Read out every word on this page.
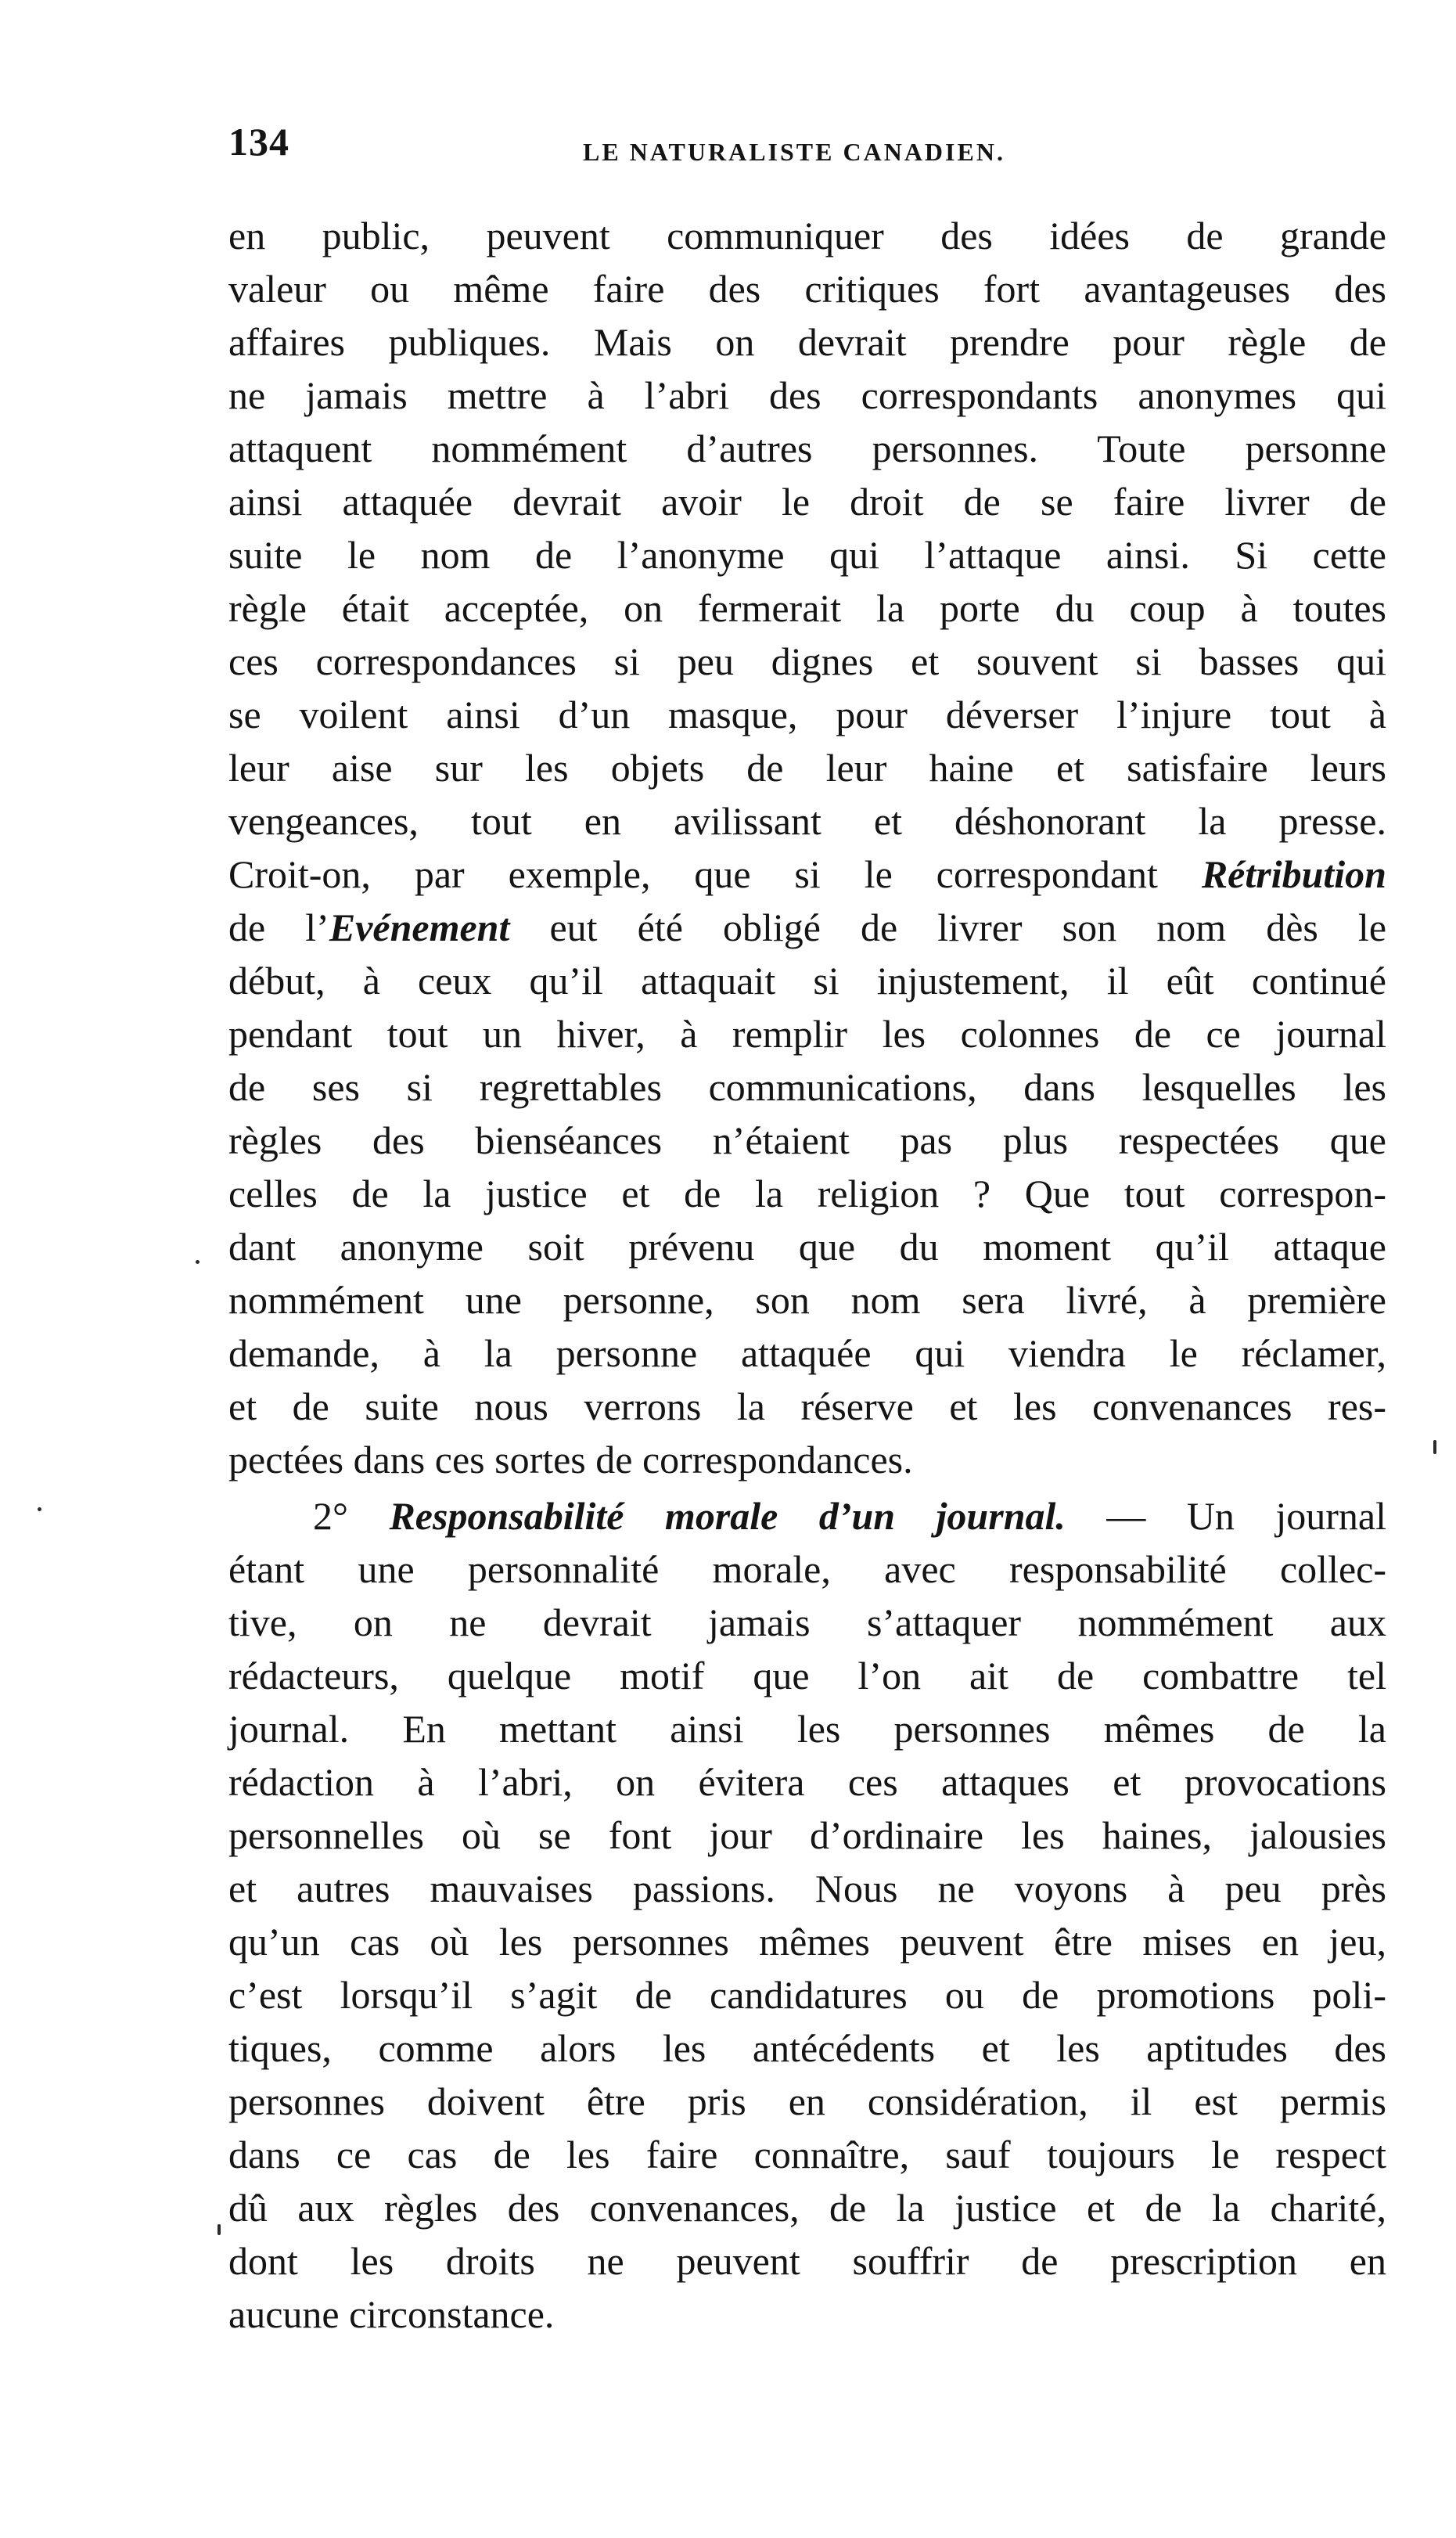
134	LE NATURALISTE CANADIEN.
en public, peuvent communiquer des idées de grande
valeur ou même faire des critiques fort avantageuses des
affaires publiques. Mais on devrait prendre pour règle de
ne jamais mettre à l’abri des correspondants anonymes qui
attaquent nommément d’autres personnes. Toute personne
ainsi attaquée devrait avoir le droit de se faire livrer de
suite le nom de l’anonyme qui l’attaque ainsi. Si cette
règle était acceptée, on fermerait la porte du coup à toutes
ces correspondances si peu dignes et souvent si basses qui
se voilent ainsi d’un masque, pour déverser l’injure tout à
leur aise sur les objets de leur haine et satisfaire leurs
vengeances, tout en avilissant et déshonorant la presse.
Croit-on, par exemple, que si le correspondant Rétribution
de l’Evénement eut été obligé de livrer son nom dès le
début, à ceux qu’il attaquait si injustement, il eût continué
pendant tout un hiver, à remplir les colonnes de ce journal
de ses si regrettables communications, dans lesquelles les
règles des bienséances n’étaient pas plus respectées que
celles de la justice et de la religion ? Que tout correspon-
dant anonyme soit prévenu que du moment qu’il attaque
nommément une personne, son nom sera livré, à première
demande, à la personne attaquée qui viendra le réclamer,
et de suite nous verrons la réserve et les convenances res-
pectées dans ces sortes de correspondances.
2° Responsabilité morale d’un journal. — Un journal
étant une personnalité morale, avec responsabilité collec-
tive, on ne devrait jamais s’attaquer nommément aux
rédacteurs, quelque motif que l’on ait de combattre tel
journal. En mettant ainsi les personnes mêmes de la
rédaction à l’abri, on évitera ces attaques et provocations
personnelles où se font jour d’ordinaire les haines, jalousies
et autres mauvaises passions. Nous ne voyons à peu près
qu’un cas où les personnes mêmes peuvent être mises en jeu,
c’est lorsqu’il s’agit de candidatures ou de promotions poli-
tiques, comme alors les antécédents et les aptitudes des
personnes doivent être pris en considération, il est permis
dans ce cas de les faire connaître, sauf toujours le respect
dû aux règles des convenances, de la justice et de la charité,
dont les droits ne peuvent souffrir de prescription en
aucune circonstance.
